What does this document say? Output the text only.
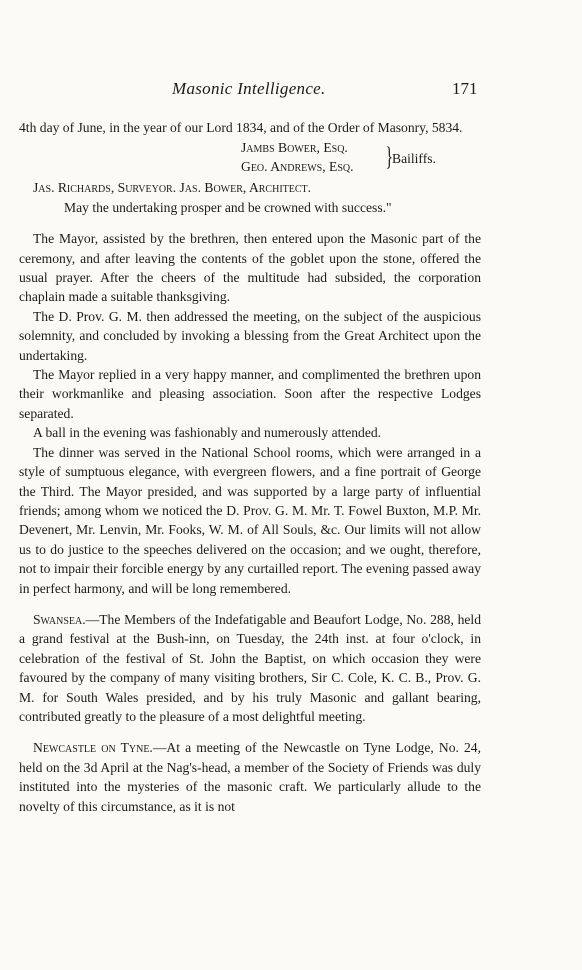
Masonic Intelligence.	171

4th day of June, in the year of our Lord 1834, and of the Order of Masonry, 5834.

Jambs Bower, Esq.
Geo. Andrews, Esq. } Bailiffs.

Jas. Richards, Surveyor. Jas. Bower, Architect.

May the undertaking prosper and be crowned with success."

The Mayor, assisted by the brethren, then entered upon the Masonic part of the ceremony, and after leaving the contents of the goblet upon the stone, offered the usual prayer. After the cheers of the multitude had subsided, the corporation chaplain made a suitable thanksgiving.

The D. Prov. G. M. then addressed the meeting, on the subject of the auspicious solemnity, and concluded by invoking a blessing from the Great Architect upon the undertaking.

The Mayor replied in a very happy manner, and complimented the brethren upon their workmanlike and pleasing association. Soon after the respective Lodges separated.

A ball in the evening was fashionably and numerously attended.

The dinner was served in the National School rooms, which were arranged in a style of sumptuous elegance, with evergreen flowers, and a fine portrait of George the Third. The Mayor presided, and was supported by a large party of influential friends; among whom we noticed the D. Prov. G. M. Mr. T. Fowel Buxton, M.P. Mr. Devenert, Mr. Lenvin, Mr. Fooks, W. M. of All Souls, &c. Our limits will not allow us to do justice to the speeches delivered on the occasion; and we ought, therefore, not to impair their forcible energy by any curtailled report. The evening passed away in perfect harmony, and will be long remembered.

Swansea.—The Members of the Indefatigable and Beaufort Lodge, No. 288, held a grand festival at the Bush-inn, on Tuesday, the 24th inst. at four o'clock, in celebration of the festival of St. John the Baptist, on which occasion they were favoured by the company of many visiting brothers, Sir C. Cole, K. C. B., Prov. G. M. for South Wales presided, and by his truly Masonic and gallant bearing, contributed greatly to the pleasure of a most delightful meeting.

Newcastle on Tyne.—At a meeting of the Newcastle on Tyne Lodge, No. 24, held on the 3d April at the Nag's-head, a member of the Society of Friends was duly instituted into the mysteries of the masonic craft. We particularly allude to the novelty of this circumstance, as it is not
